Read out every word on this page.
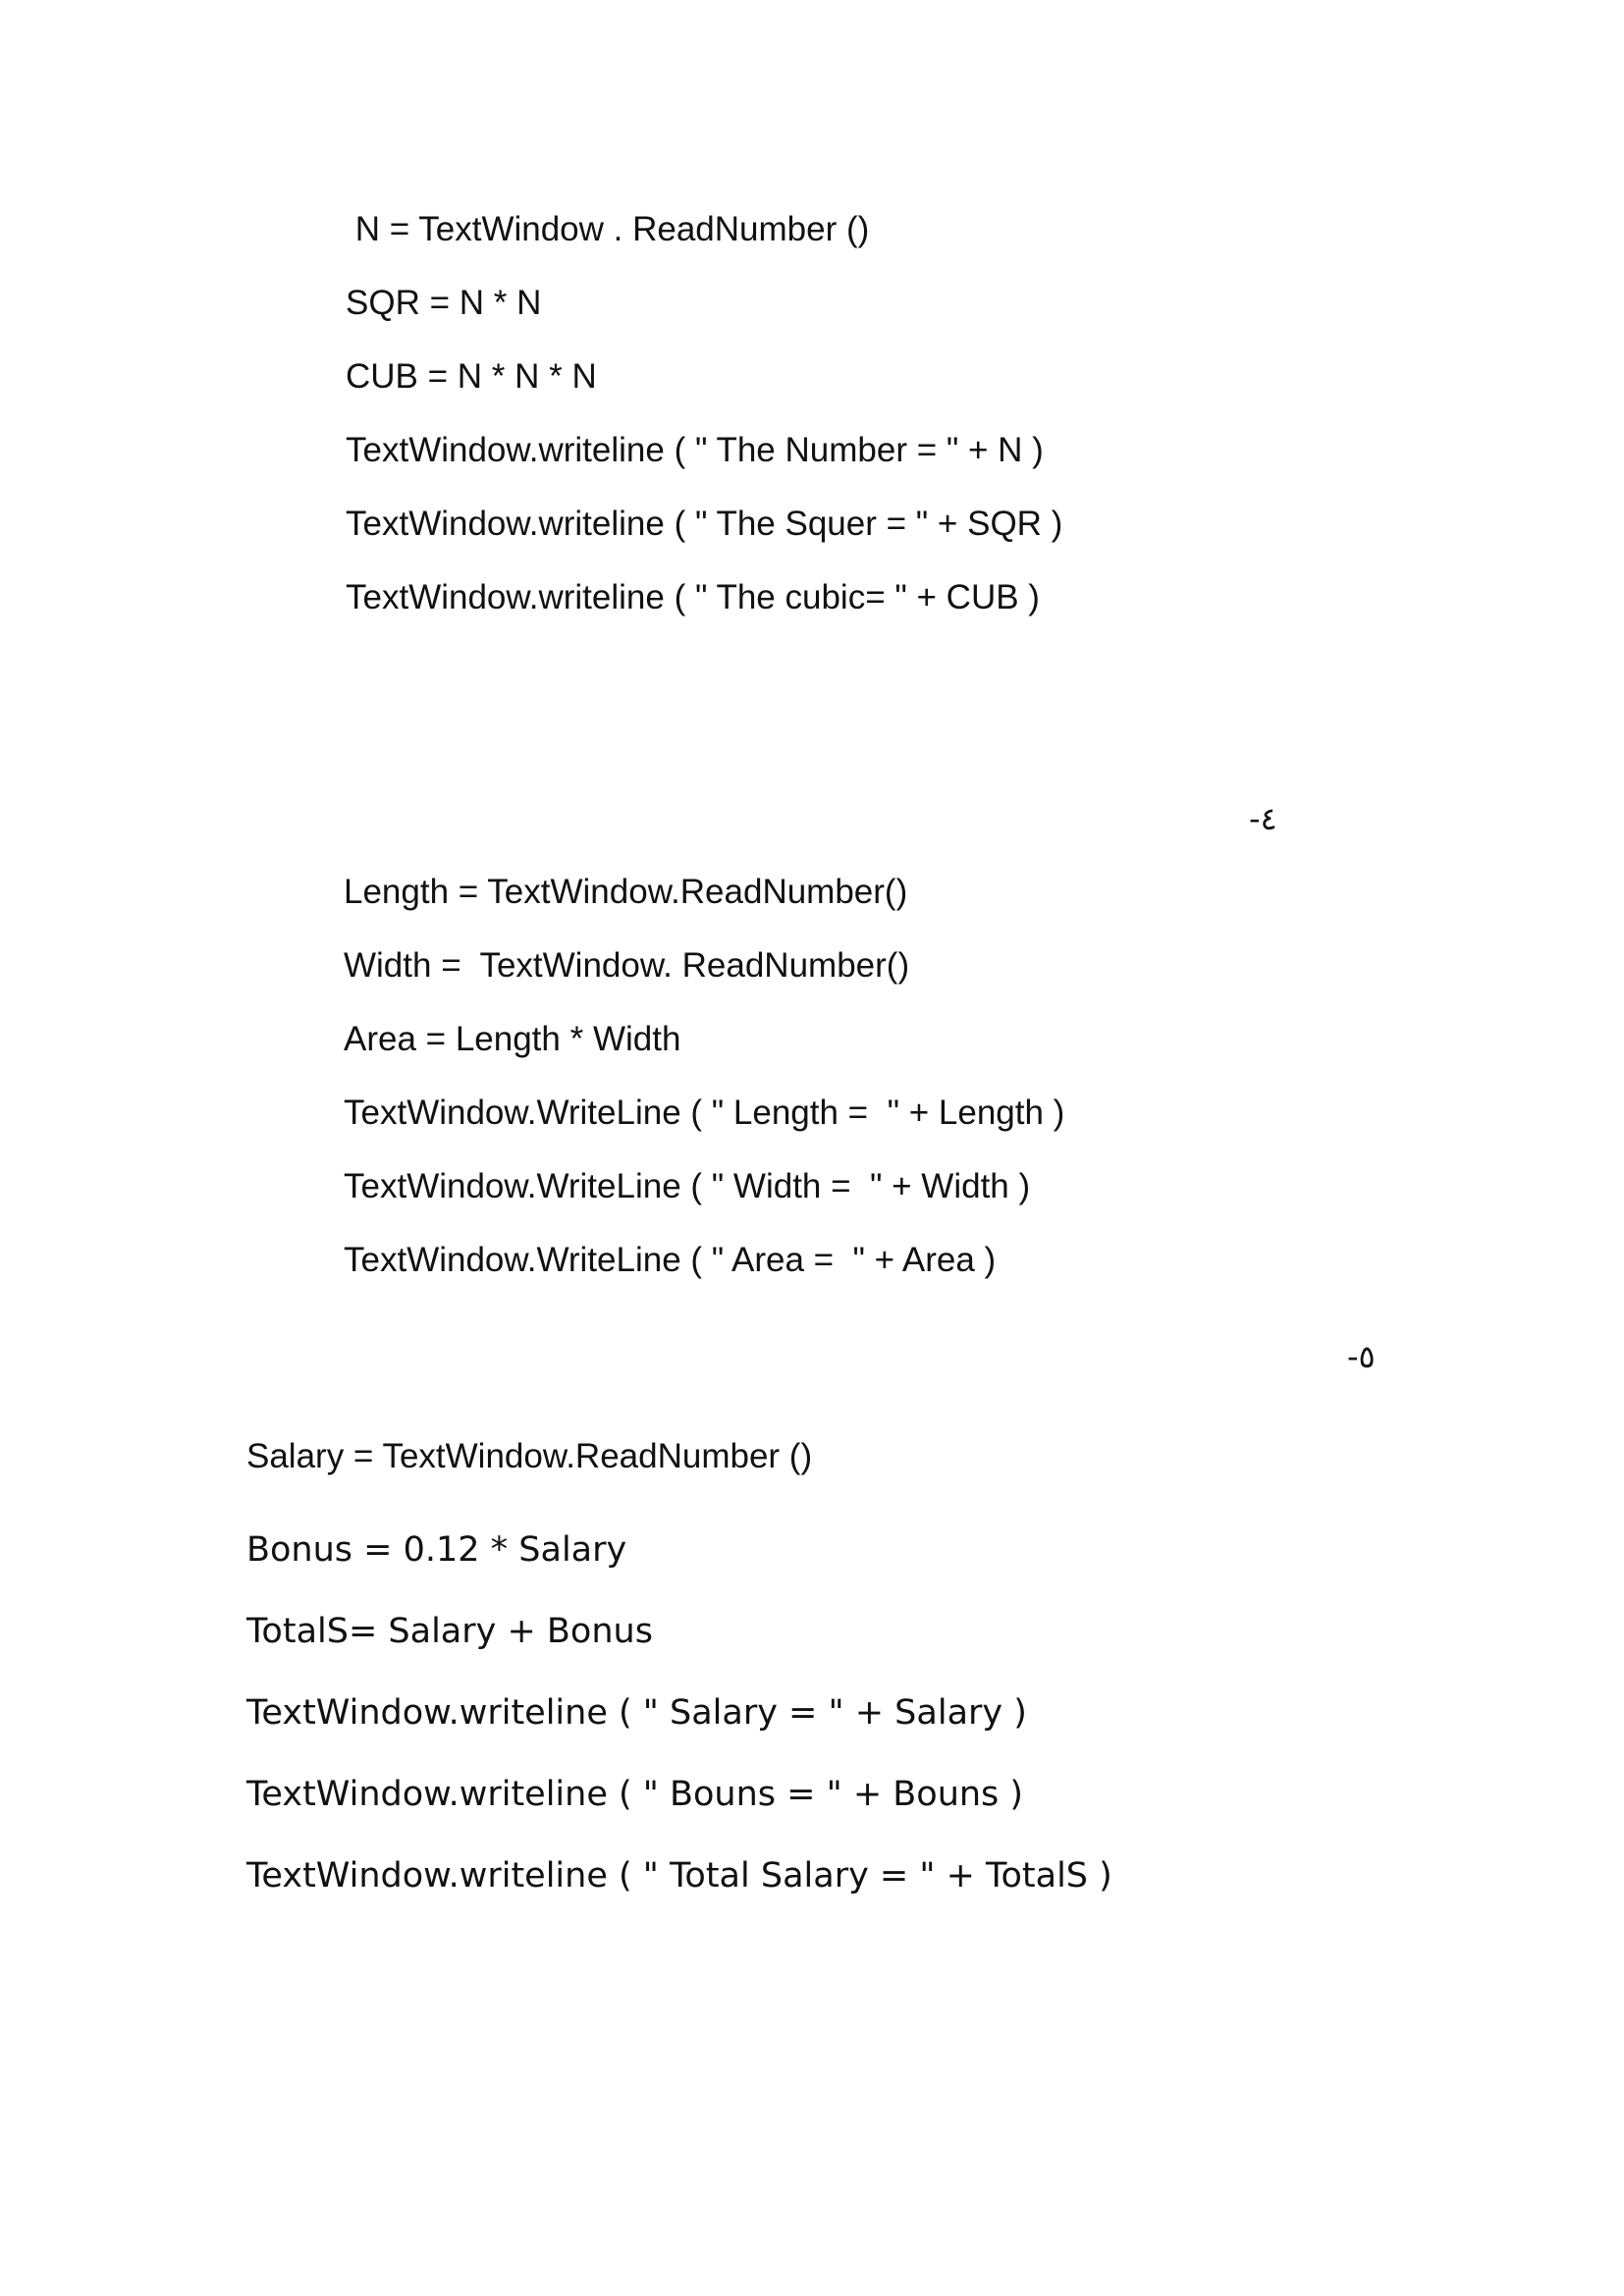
N = TextWindow . ReadNumber ()
SQR = N * N
CUB = N * N * N
TextWindow.writeline ( " The Number = " + N )
TextWindow.writeline ( " The Squer = " + SQR )
TextWindow.writeline ( " The cubic= " + CUB )
٤-
Length = TextWindow.ReadNumber()
Width =  TextWindow. ReadNumber()
Area = Length * Width
TextWindow.WriteLine ( " Length =  " + Length )
TextWindow.WriteLine ( " Width =  " + Width )
TextWindow.WriteLine ( " Area =  " + Area )
٥-
Salary = TextWindow.ReadNumber ()
Bonus = 0.12 * Salary
TotalS= Salary + Bonus
TextWindow.writeline ( " Salary = " + Salary )
TextWindow.writeline ( " Bouns = " + Bouns )
TextWindow.writeline ( " Total Salary = " + TotalS )
